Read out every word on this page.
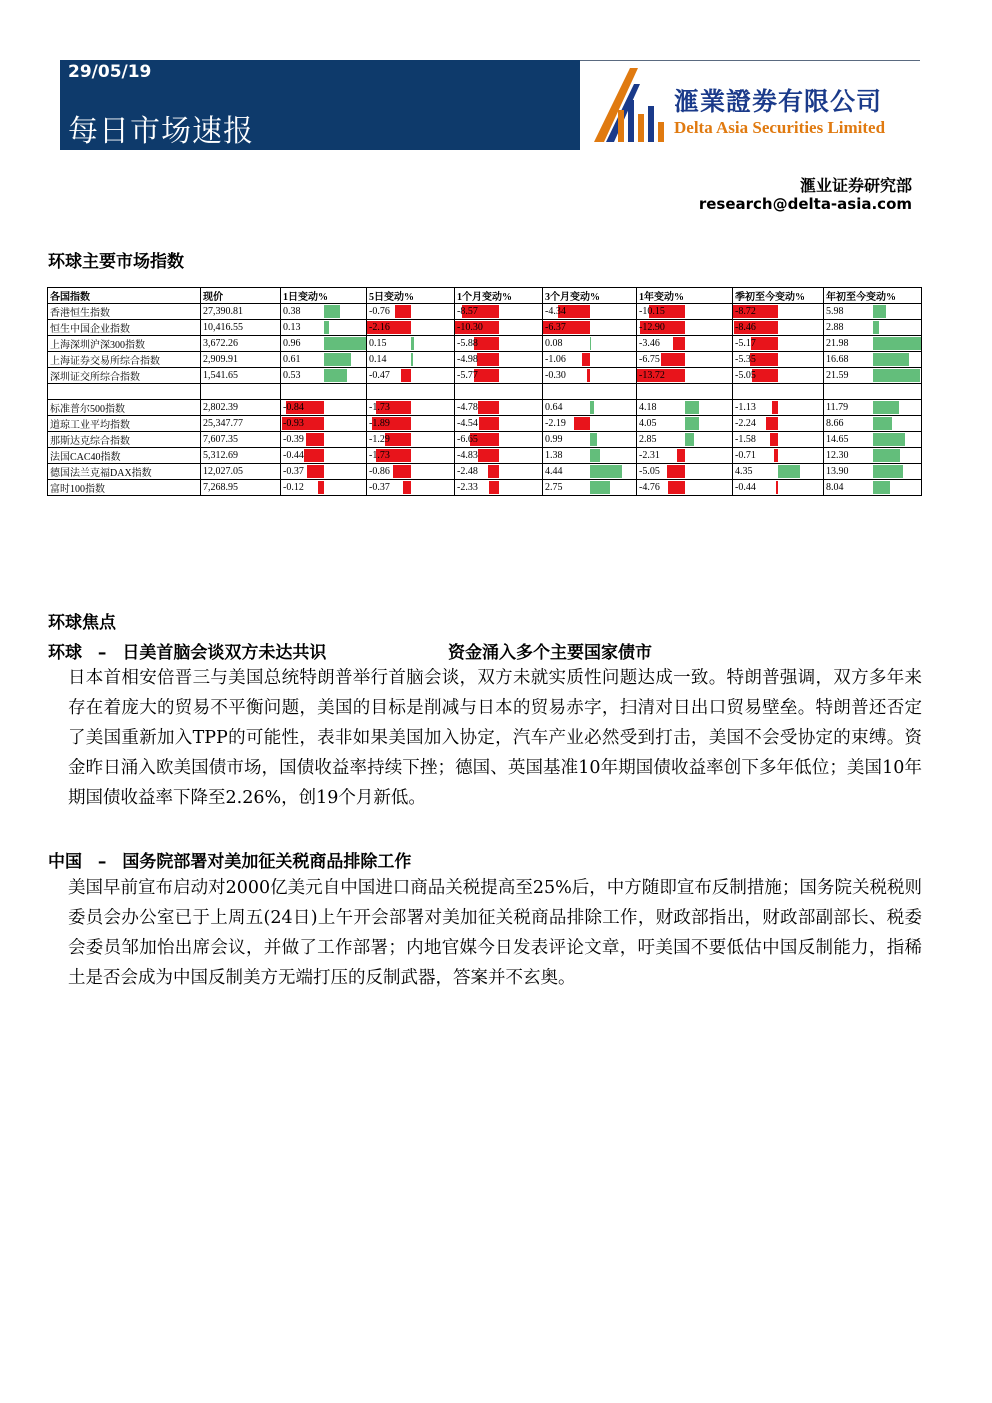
29/05/19
每日市场速报
滙業證劵有限公司
Delta Asia Securities Limited
滙业证券研究部
research@delta-asia.com
环球主要市场指数
各国指数	现价	1日变动%	5日变动%	1个月变动%	3个月变动%	1年变动%	季初至今变动%	年初至今变动%
香港恒生指数	27,390.81	0.38	-0.76	-8.57	-4.34	-10.15	-8.72	5.98

恒生中国企业指数	10,416.55	0.13	-2.16	-10.30	-6.37	-12.90	-8.46	2.88

上海深圳沪深300指数	3,672.26	0.96	0.15	-5.88	0.08	-3.46	-5.17	21.98

上海证券交易所综合指数	2,909.91	0.61	0.14	-4.98	-1.06	-6.75	-5.35	16.68

深圳证交所综合指数	1,541.65	0.53	-0.47	-5.77	-0.30	-13.72	-5.05	21.59

标准普尔500指数	2,802.39	-0.84	-1.73	-4.78	0.64	4.18	-1.13	11.79

道琼工业平均指数	25,347.77	-0.93	-1.89	-4.54	-2.19	4.05	-2.24	8.66

那斯达克综合指数	7,607.35	-0.39	-1.29	-6.65	0.99	2.85	-1.58	14.65

法国CAC40指数	5,312.69	-0.44	-1.73	-4.83	1.38	-2.31	-0.71	12.30

德国法兰克福DAX指数	12,027.05	-0.37	-0.86	-2.48	4.44	-5.05	4.35	13.90

富时100指数	7,268.95	-0.12	-0.37	-2.33	2.75	-4.76	-0.44	8.04
环球焦点
环球 – 日美首脑会谈双方未达共识	资金涌入多个主要国家债市
日本首相安倍晋三与美国总统特朗普举行首脑会谈，双方未就实质性问题达成一致。特朗普强调，双方多年来存在着庞大的贸易不平衡问题，美国的目标是削减与日本的贸易赤字，扫清对日出口贸易壁垒。特朗普还否定了美国重新加入TPP的可能性，表非如果美国加入协定，汽车产业必然受到打击，美国不会受协定的束缚。资金昨日涌入欧美国债市场，国债收益率持续下挫；德国、英国基准10年期国债收益率创下多年低位；美国10年期国债收益率下降至2.26%，创19个月新低。
中国 – 国务院部署对美加征关税商品排除工作
美国早前宣布启动对2000亿美元自中国进口商品关税提高至25%后，中方随即宣布反制措施；国务院关税税则委员会办公室已于上周五(24日)上午开会部署对美加征关税商品排除工作，财政部指出，财政部副部长、税委会委员邹加怡出席会议，并做了工作部署；内地官媒今日发表评论文章，吁美国不要低估中国反制能力，指稀土是否会成为中国反制美方无端打压的反制武器，答案并不玄奥。
